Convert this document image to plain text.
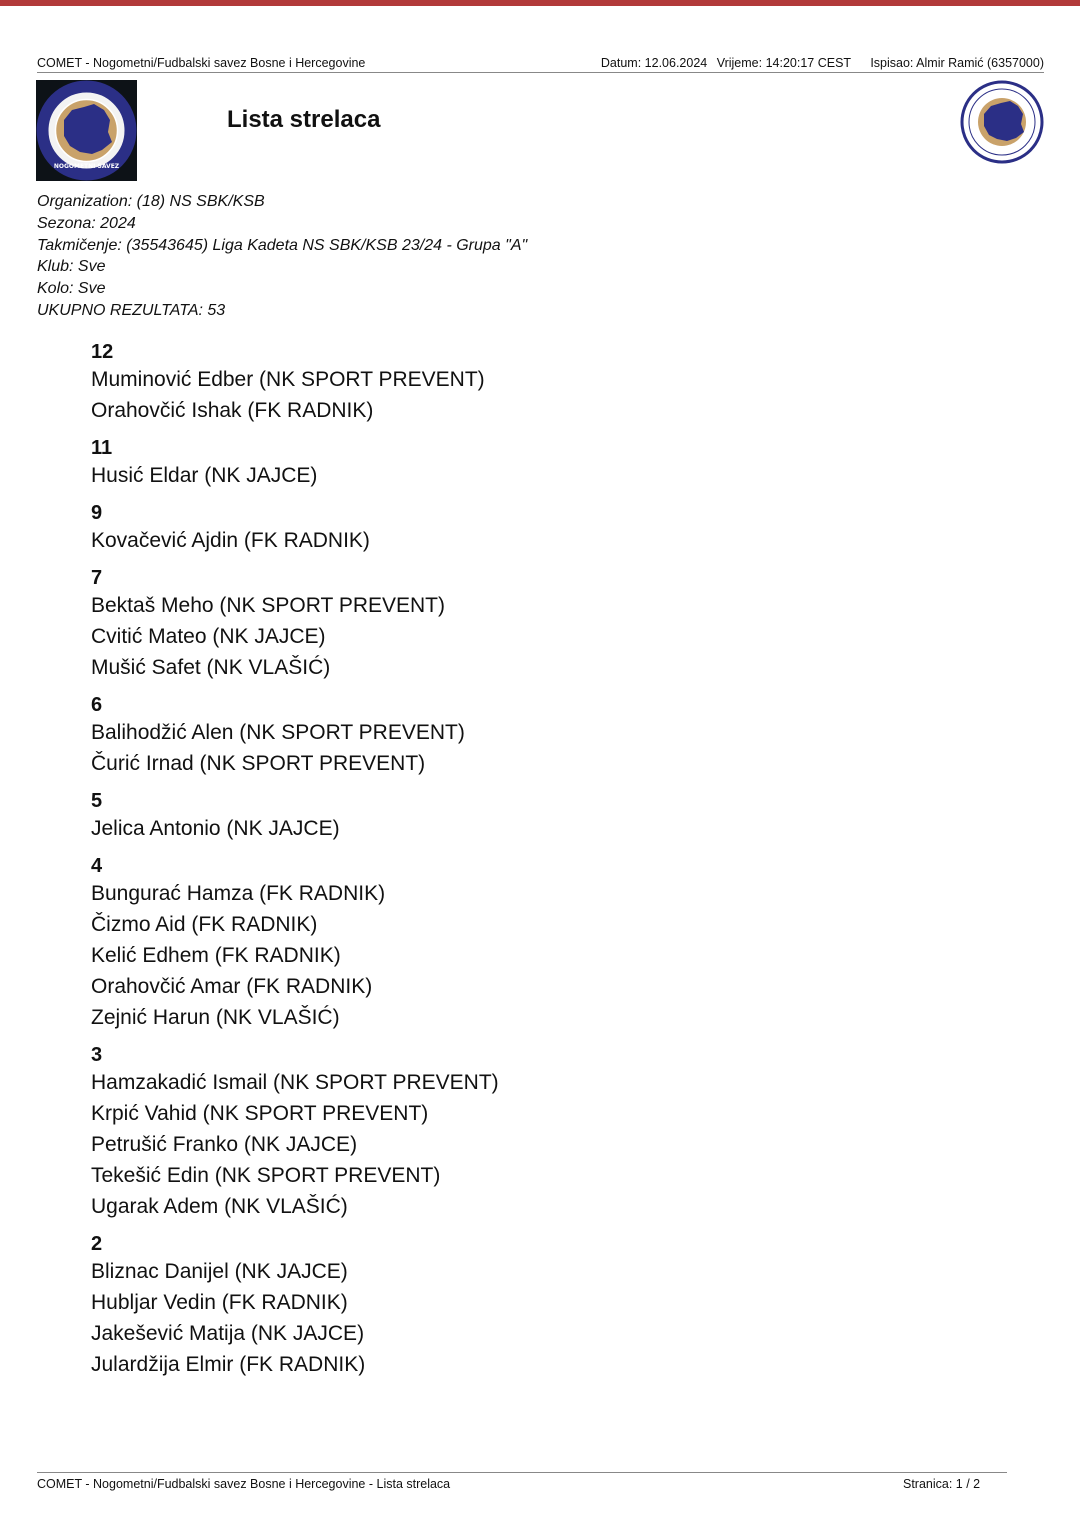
COMET - Nogometni/Fudbalski savez Bosne i Hercegovine	Datum: 12.06.2024 Vrijeme: 14:20:17 CEST Ispisao: Almir Ramić (6357000)
NOGOMETNI SAVEZ
Lista strelaca
Organization: (18) NS SBK/KSB
Sezona: 2024
Takmičenje: (35543645) Liga Kadeta NS SBK/KSB 23/24 - Grupa "A"
Klub: Sve
Kolo: Sve
UKUPNO REZULTATA: 53
12
Muminović Edber (NK SPORT PREVENT)
Orahovčić Ishak (FK RADNIK)
11
Husić Eldar (NK JAJCE)
9
Kovačević Ajdin (FK RADNIK)
7
Bektaš Meho (NK SPORT PREVENT)
Cvitić Mateo (NK JAJCE)
Mušić Safet (NK VLAŠIĆ)
6
Balihodžić Alen (NK SPORT PREVENT)
Čurić Irnad (NK SPORT PREVENT)
5
Jelica Antonio (NK JAJCE)
4
Bungurać Hamza (FK RADNIK)
Čizmo Aid (FK RADNIK)
Kelić Edhem (FK RADNIK)
Orahovčić Amar (FK RADNIK)
Zejnić Harun (NK VLAŠIĆ)
3
Hamzakadić Ismail (NK SPORT PREVENT)
Krpić Vahid (NK SPORT PREVENT)
Petrušić Franko (NK JAJCE)
Tekešić Edin (NK SPORT PREVENT)
Ugarak Adem (NK VLAŠIĆ)
2
Bliznac Danijel (NK JAJCE)
Hubljar Vedin (FK RADNIK)
Jakešević Matija (NK JAJCE)
Julardžija Elmir (FK RADNIK)
COMET - Nogometni/Fudbalski savez Bosne i Hercegovine - Lista strelaca	Stranica: 1 / 2
